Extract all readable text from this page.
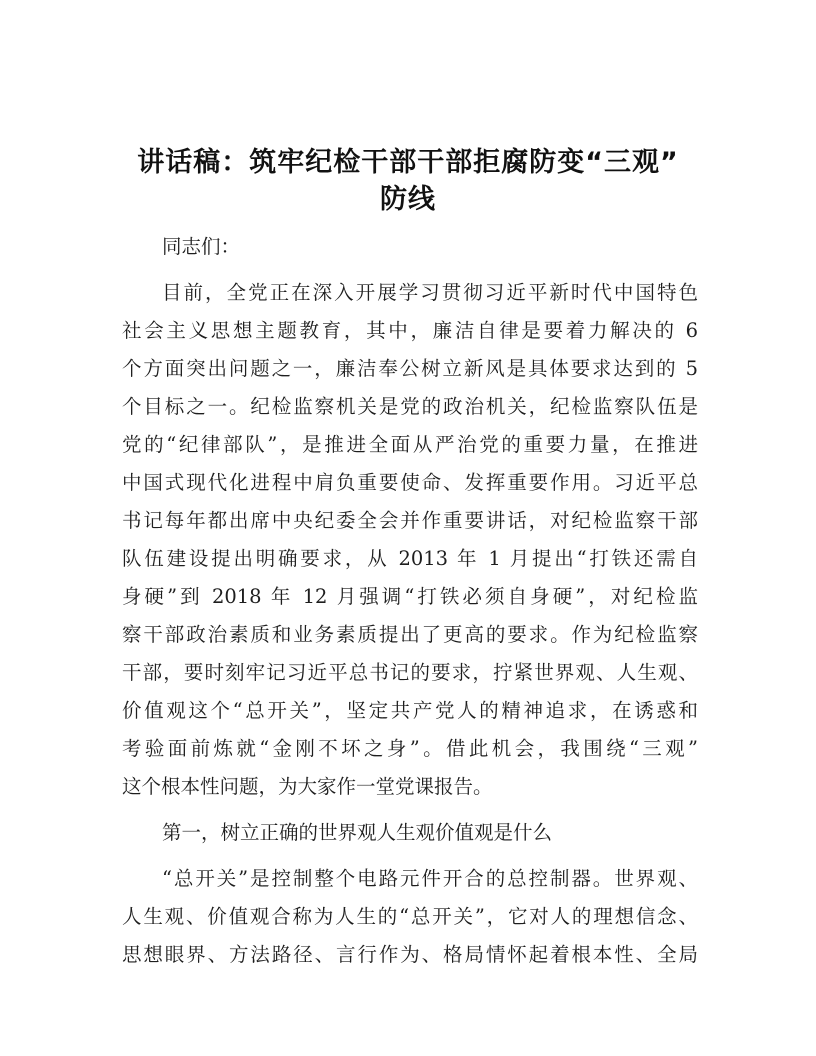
讲话稿：筑牢纪检干部干部拒腐防变“三观”
防线
同志们：
目前，全党正在深入开展学习贯彻习近平新时代中国特色
社会主义思想主题教育，其中，廉洁自律是要着力解决的 6
个方面突出问题之一，廉洁奉公树立新风是具体要求达到的 5
个目标之一。纪检监察机关是党的政治机关，纪检监察队伍是
党的“纪律部队”，是推进全面从严治党的重要力量，在推进
中国式现代化进程中肩负重要使命、发挥重要作用。习近平总
书记每年都出席中央纪委全会并作重要讲话，对纪检监察干部
队伍建设提出明确要求，从 2013 年 1 月提出“打铁还需自
身硬”到 2018 年 12 月强调“打铁必须自身硬”，对纪检监
察干部政治素质和业务素质提出了更高的要求。作为纪检监察
干部，要时刻牢记习近平总书记的要求，拧紧世界观、人生观、
价值观这个“总开关”，坚定共产党人的精神追求，在诱惑和
考验面前炼就“金刚不坏之身”。借此机会，我围绕“三观”
这个根本性问题，为大家作一堂党课报告。
第一，树立正确的世界观人生观价值观是什么
“总开关”是控制整个电路元件开合的总控制器。世界观、
人生观、价值观合称为人生的“总开关”，它对人的理想信念、
思想眼界、方法路径、言行作为、格局情怀起着根本性、全局
